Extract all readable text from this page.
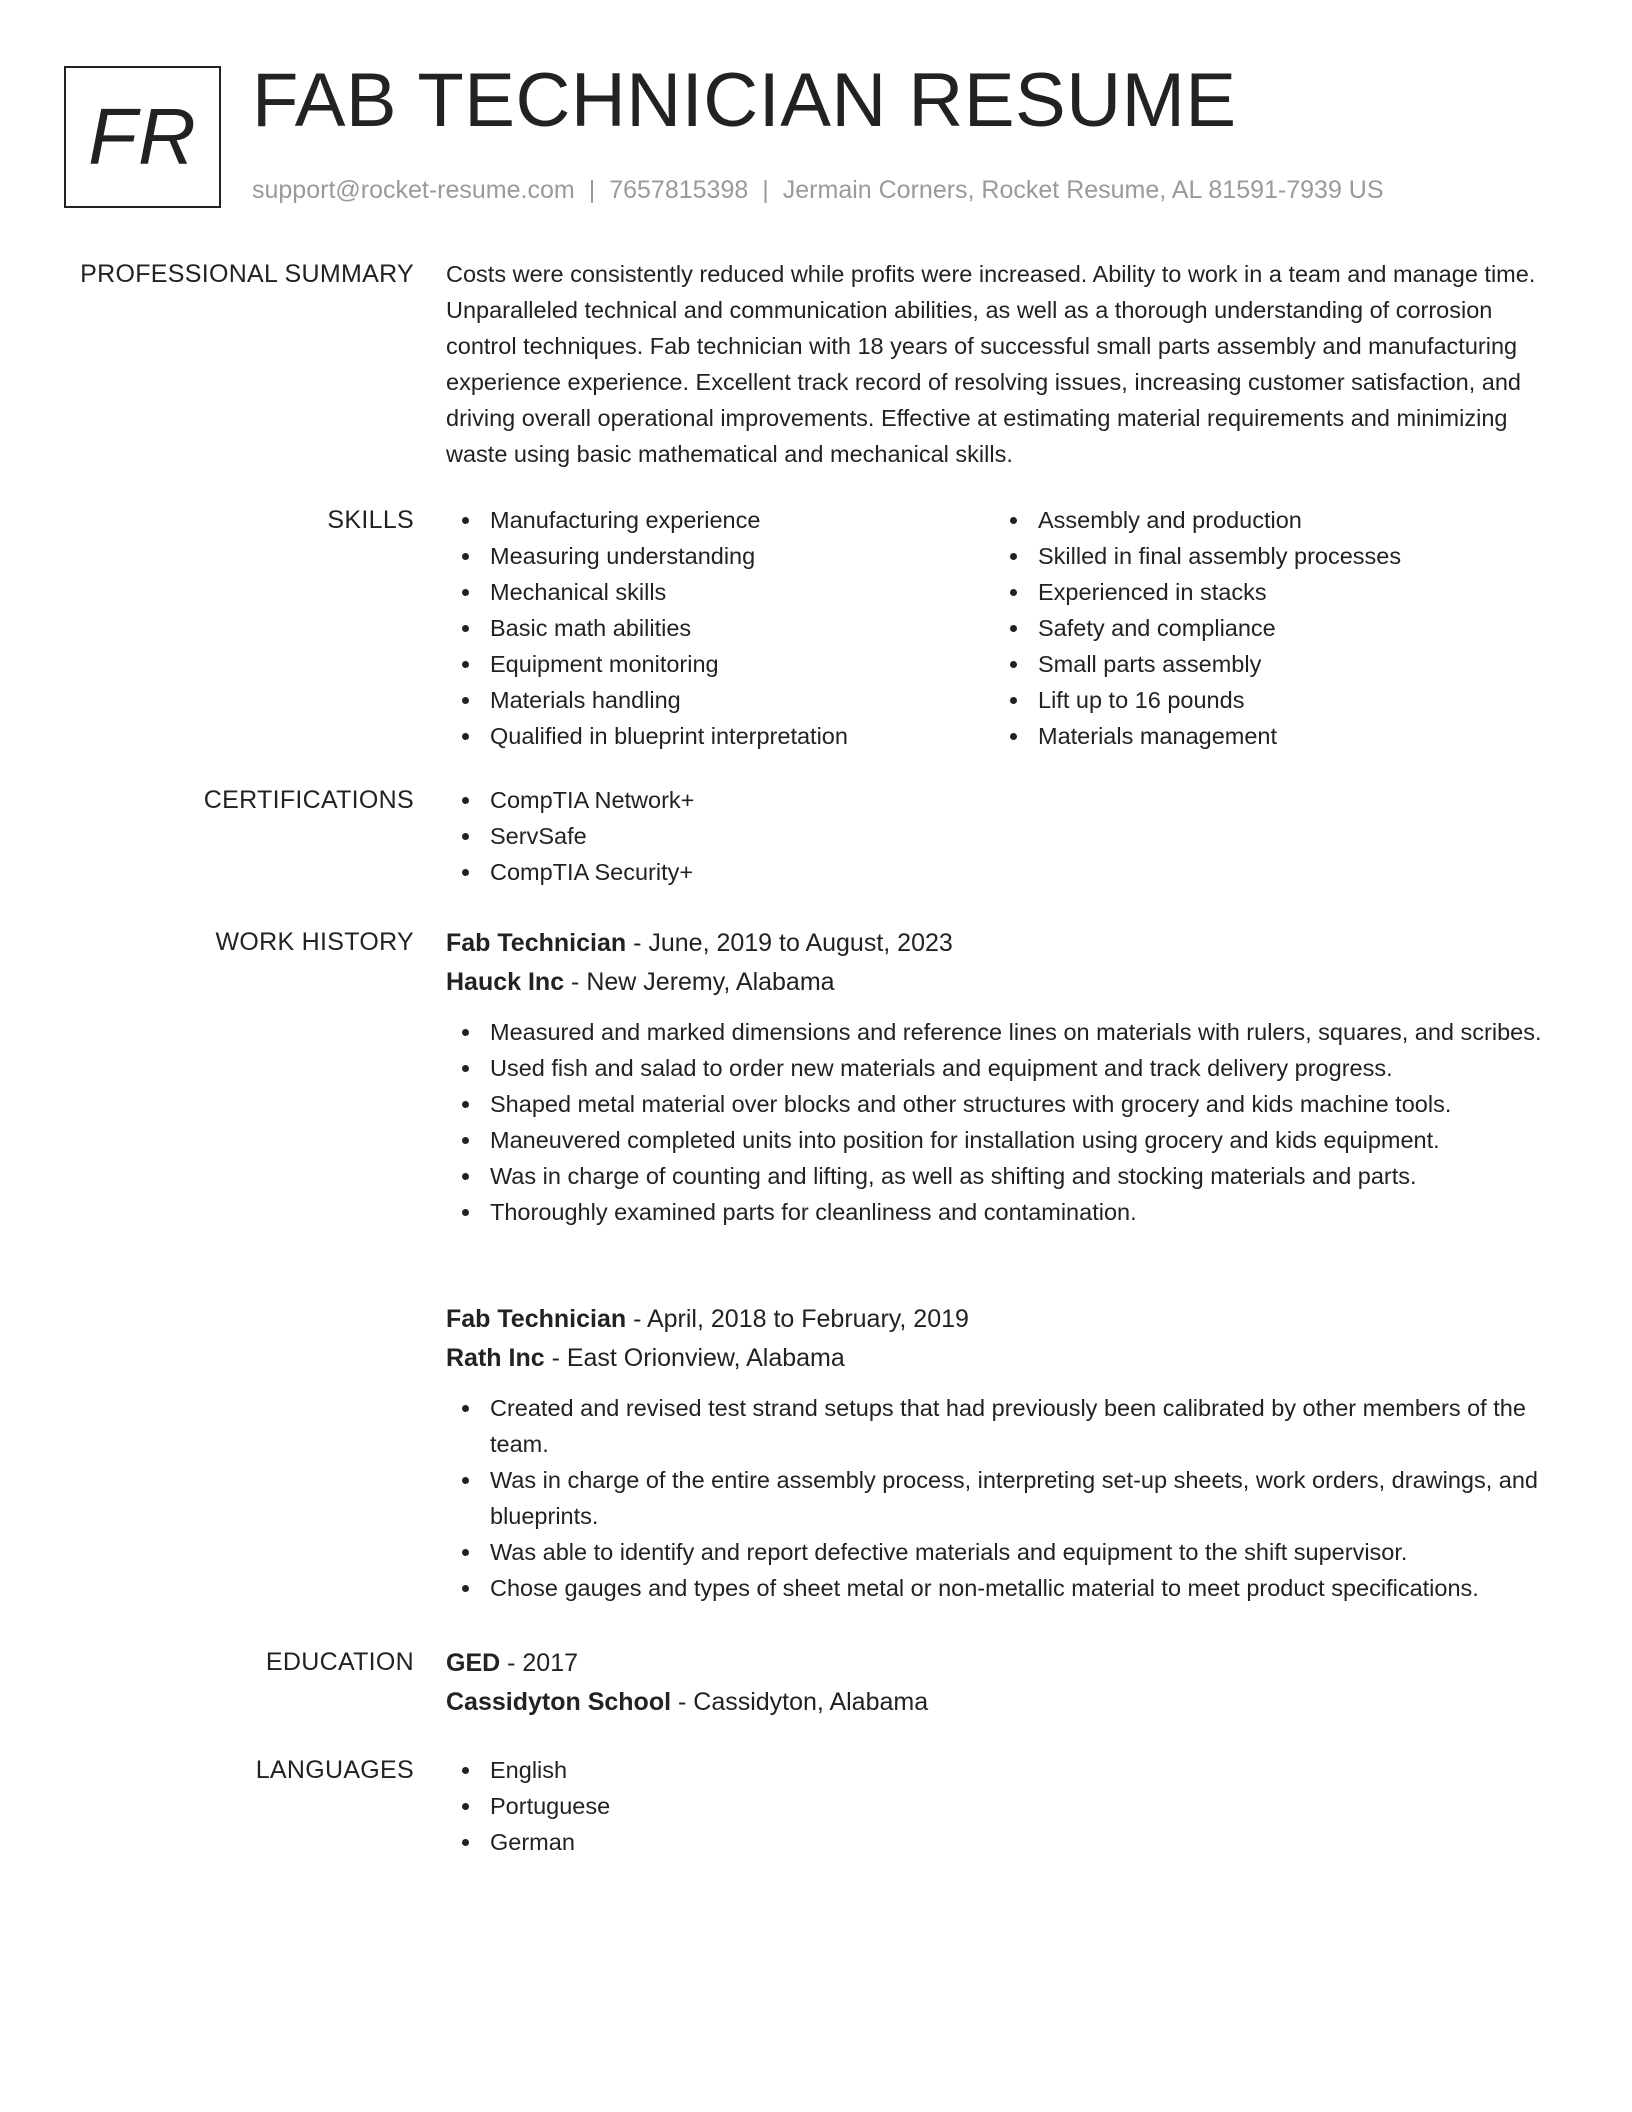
FR FAB TECHNICIAN RESUME
support@rocket-resume.com | 7657815398 | Jermain Corners, Rocket Resume, AL 81591-7939 US
PROFESSIONAL SUMMARY Costs were consistently reduced while profits were increased. Ability to work in a team and manage time. Unparalleled technical and communication abilities, as well as a thorough understanding of corrosion control techniques. Fab technician with 18 years of successful small parts assembly and manufacturing experience experience. Excellent track record of resolving issues, increasing customer satisfaction, and driving overall operational improvements. Effective at estimating material requirements and minimizing waste using basic mathematical and mechanical skills.
SKILLS	Manufacturing experience
Measuring understanding
Mechanical skills
Basic math abilities
Equipment monitoring
Materials handling
Qualified in blueprint interpretation
Assembly and production
Skilled in final assembly processes
Experienced in stacks
Safety and compliance
Small parts assembly
Lift up to 16 pounds
Materials management
CERTIFICATIONS	CompTIA Network+
ServSafe
CompTIA Security+
WORK HISTORY Fab Technician - June, 2019 to August, 2023
Hauck Inc - New Jeremy, Alabama
Measured and marked dimensions and reference lines on materials with rulers, squares, and scribes.
Used fish and salad to order new materials and equipment and track delivery progress.
Shaped metal material over blocks and other structures with grocery and kids machine tools.
Maneuvered completed units into position for installation using grocery and kids equipment.
Was in charge of counting and lifting, as well as shifting and stocking materials and parts.
Thoroughly examined parts for cleanliness and contamination.
Fab Technician - April, 2018 to February, 2019
Rath Inc - East Orionview, Alabama
Created and revised test strand setups that had previously been calibrated by other members of the team.
Was in charge of the entire assembly process, interpreting set-up sheets, work orders, drawings, and blueprints.
Was able to identify and report defective materials and equipment to the shift supervisor.
Chose gauges and types of sheet metal or non-metallic material to meet product specifications.
EDUCATION GED - 2017
Cassidyton School - Cassidyton, Alabama
LANGUAGES	English
Portuguese
German
